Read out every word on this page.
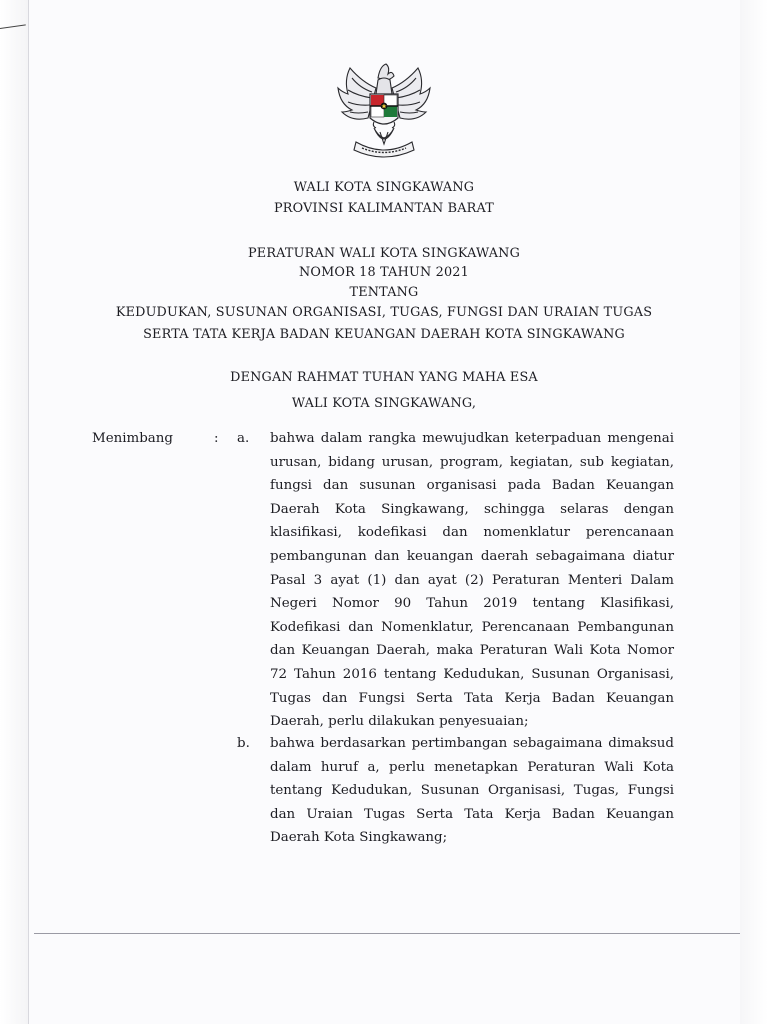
WALI KOTA SINGKAWANG
PROVINSI KALIMANTAN BARAT
PERATURAN WALI KOTA SINGKAWANG
NOMOR 18 TAHUN 2021
TENTANG
KEDUDUKAN, SUSUNAN ORGANISASI, TUGAS, FUNGSI DAN URAIAN TUGAS
SERTA TATA KERJA BADAN KEUANGAN DAERAH KOTA SINGKAWANG
DENGAN RAHMAT TUHAN YANG MAHA ESA
WALI KOTA SINGKAWANG,
Menimbang	: a. bahwa dalam rangka mewujudkan keterpaduan mengenai urusan, bidang urusan, program, kegiatan, sub kegiatan, fungsi dan susunan organisasi pada Badan Keuangan Daerah Kota Singkawang, schingga selaras dengan klasifikasi, kodefikasi dan nomenklatur perencanaan pembangunan dan keuangan daerah sebagaimana diatur Pasal 3 ayat (1) dan ayat (2) Peraturan Menteri Dalam Negeri Nomor 90 Tahun 2019 tentang Klasifikasi, Kodefikasi dan Nomenklatur, Perencanaan Pembangunan dan Keuangan Daerah, maka Peraturan Wali Kota Nomor 72 Tahun 2016 tentang Kedudukan, Susunan Organisasi, Tugas dan Fungsi Serta Tata Kerja Badan Keuangan Daerah, perlu dilakukan penyesuaian;
b. bahwa berdasarkan pertimbangan sebagaimana dimaksud dalam huruf a, perlu menetapkan Peraturan Wali Kota tentang Kedudukan, Susunan Organisasi, Tugas, Fungsi dan Uraian Tugas Serta Tata Kerja Badan Keuangan Daerah Kota Singkawang;
